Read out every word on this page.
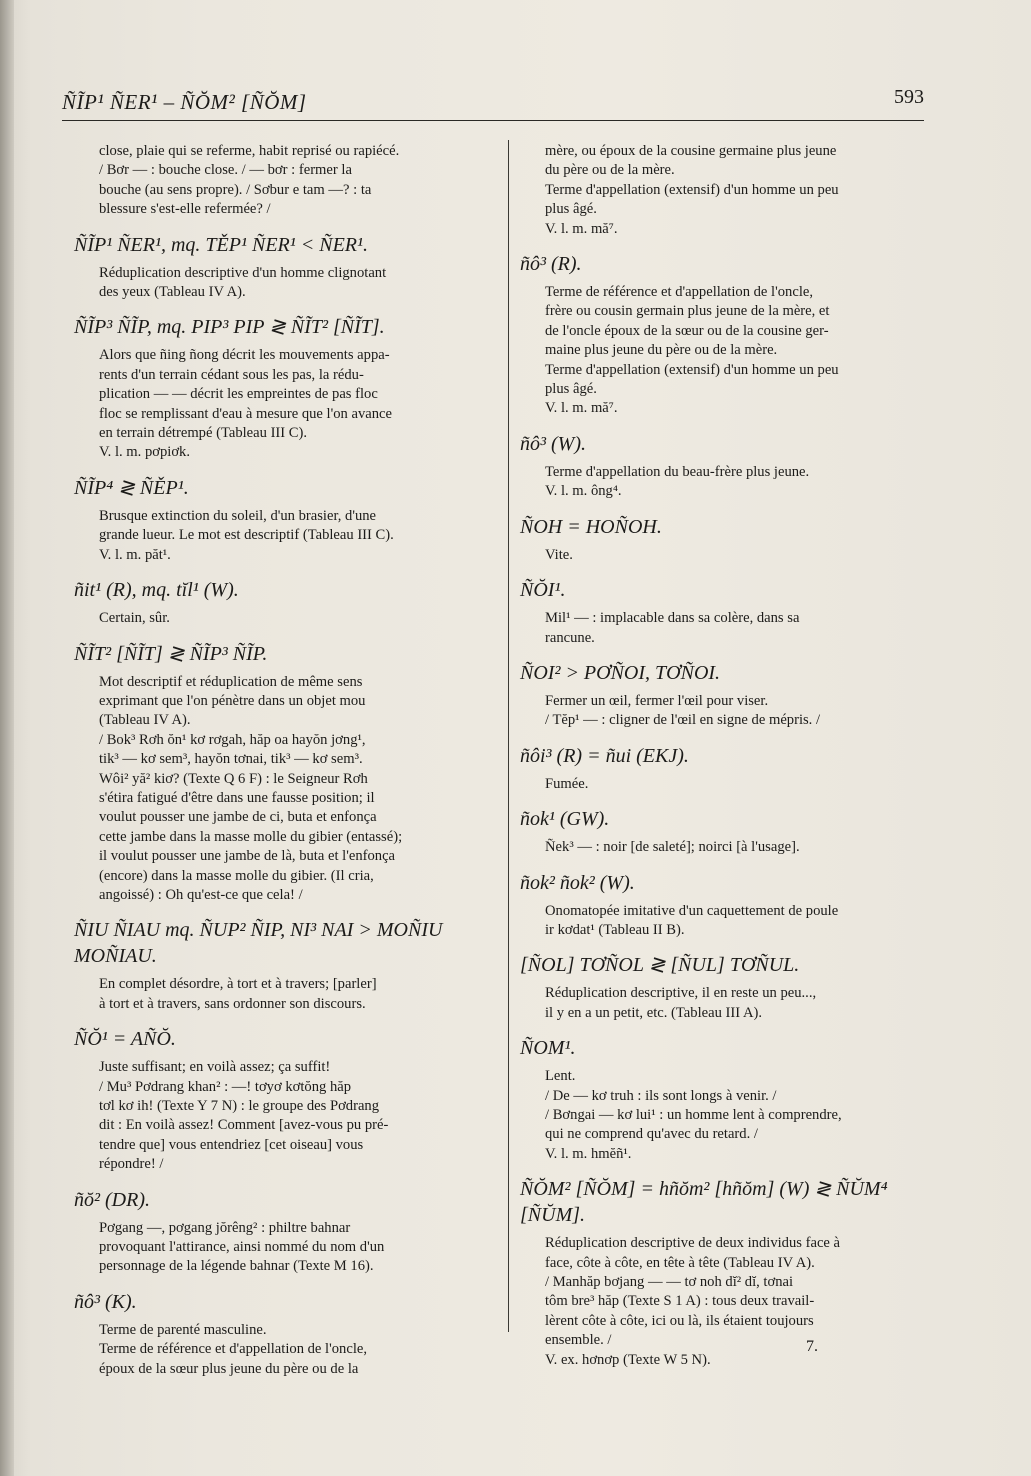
ÑĨP¹ ÑER¹ – ÑŎM² [ÑŎM]	593
close, plaie qui se referme, habit reprisé ou rapiécé.
/ Bơr — : bouche close. / — bơr : fermer la
bouche (au sens propre). / Sơbur e tam —? : ta
blessure s'est-elle refermée? /
ÑĨP¹ ÑER¹, mq. TĚP¹ ÑER¹ < ÑER¹.
Réduplication descriptive d'un homme clignotant
des yeux (Tableau IV A).
ÑĨP³ ÑĨP, mq. PIP³ PIP ≷ ÑĨT² [ÑĨT].
Alors que ñing ñong décrit les mouvements appa-
rents d'un terrain cédant sous les pas, la rédu-
plication — — décrit les empreintes de pas floc
floc se remplissant d'eau à mesure que l'on avance
en terrain détrempé (Tableau III C).
V. l. m. pơpiơk.
ÑĨP⁴ ≷ ÑĚP¹.
Brusque extinction du soleil, d'un brasier, d'une
grande lueur. Le mot est descriptif (Tableau III C).
V. l. m. păt¹.
ñit¹ (R), mq. tĭl¹ (W).
Certain, sûr.
ÑĨT² [ÑĨT] ≷ ÑĨP³ ÑĨP.
Mot descriptif et réduplication de même sens
exprimant que l'on pénètre dans un objet mou
(Tableau IV A).
/ Bok³ Rơh ŏn¹ kơ rơgah, hăp oa hayŏn jơng¹,
tik³ — kơ sem³, hayŏn tơnai, tik³ — kơ sem³.
Wôi² yă² kiơ? (Texte Q 6 F) : le Seigneur Rơh
s'étira fatigué d'être dans une fausse position; il
voulut pousser une jambe de ci, buta et enfonça
cette jambe dans la masse molle du gibier (entassé);
il voulut pousser une jambe de là, buta et l'enfonça
(encore) dans la masse molle du gibier. (Il cria,
angoissé) : Oh qu'est-ce que cela! /
ÑIU ÑIAU mq. ÑUP² ÑIP, NI³ NAI > MOÑIU MOÑIAU.
En complet désordre, à tort et à travers; [parler]
à tort et à travers, sans ordonner son discours.
ÑŎ¹ = AÑŎ.
Juste suffisant; en voilà assez; ça suffit!
/ Mu³ Pơdrang khan² : —! tơyơ kơtŏng hăp
tơl kơ ih! (Texte Y 7 N) : le groupe des Pơdrang
dit : En voilà assez! Comment [avez-vous pu pré-
tendre que] vous entendriez [cet oiseau] vous
répondre! /
ñŏ² (DR).
Pơgang —, pơgang jŏrêng² : philtre bahnar
provoquant l'attirance, ainsi nommé du nom d'un
personnage de la légende bahnar (Texte M 16).
ñô³ (K).
Terme de parenté masculine.
Terme de référence et d'appellation de l'oncle,
époux de la sœur plus jeune du père ou de la
mère, ou époux de la cousine germaine plus jeune
du père ou de la mère.
Terme d'appellation (extensif) d'un homme un peu
plus âgé.
V. l. m. mă⁷.
ñô³ (R).
Terme de référence et d'appellation de l'oncle,
frère ou cousin germain plus jeune de la mère, et
de l'oncle époux de la sœur ou de la cousine ger-
maine plus jeune du père ou de la mère.
Terme d'appellation (extensif) d'un homme un peu
plus âgé.
V. l. m. mă⁷.
ñô³ (W).
Terme d'appellation du beau-frère plus jeune.
V. l. m. ông⁴.
ÑOH = HOÑOH.
Vite.
ÑŎI¹.
Mil¹ — : implacable dans sa colère, dans sa
rancune.
ÑOI² > PƠÑOI, TƠÑOI.
Fermer un œil, fermer l'œil pour viser.
/ Tĕp¹ — : cligner de l'œil en signe de mépris. /
ñôi³ (R) = ñui (EKJ).
Fumée.
ñok¹ (GW).
Ñek³ — : noir [de saleté]; noirci [à l'usage].
ñok² ñok² (W).
Onomatopée imitative d'un caquettement de poule
ir kơdat¹ (Tableau II B).
[ÑOL] TƠÑOL ≷ [ÑUL] TƠÑUL.
Réduplication descriptive, il en reste un peu...,
il y en a un petit, etc. (Tableau III A).
ÑOM¹.
Lent.
/ De — kơ truh : ils sont longs à venir. /
/ Bơngai — kơ lui¹ : un homme lent à comprendre,
qui ne comprend qu'avec du retard. /
V. l. m. hmĕñ¹.
ÑŎM² [ÑŎM] = hñŏm² [hñŏm] (W) ≷ ÑŬM⁴ [ÑŬM].
Réduplication descriptive de deux individus face à
face, côte à côte, en tête à tête (Tableau IV A).
/ Manhăp bơjang — — tơ noh dĭ² dĭ, tơnai
tôm bre³ hăp (Texte S 1 A) : tous deux travail-
lèrent côte à côte, ici ou là, ils étaient toujours
ensemble. /
V. ex. hơnơp (Texte W 5 N).
7.
